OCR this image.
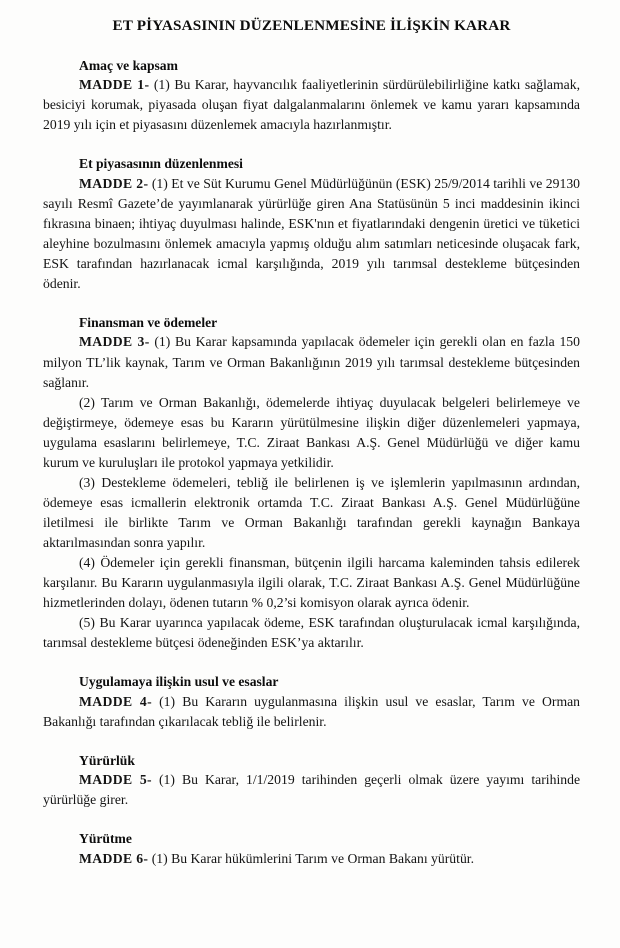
ET PİYASASININ DÜZENLENMESİNE İLİŞKİN KARAR
Amaç ve kapsam

MADDE 1- (1) Bu Karar, hayvancılık faaliyetlerinin sürdürülebilirliğine katkı sağlamak, besiciyi korumak, piyasada oluşan fiyat dalgalanmalarını önlemek ve kamu yararı kapsamında 2019 yılı için et piyasasını düzenlemek amacıyla hazırlanmıştır.

Et piyasasının düzenlenmesi

MADDE 2- (1) Et ve Süt Kurumu Genel Müdürlüğünün (ESK) 25/9/2014 tarihli ve 29130 sayılı Resmî Gazete’de yayımlanarak yürürlüğe giren Ana Statüsünün 5 inci maddesinin ikinci fıkrasına binaen; ihtiyaç duyulması halinde, ESK'nın et fiyatlarındaki dengenin üretici ve tüketici aleyhine bozulmasını önlemek amacıyla yapmış olduğu alım satımları neticesinde oluşacak fark, ESK tarafından hazırlanacak icmal karşılığında, 2019 yılı tarımsal destekleme bütçesinden ödenir.

Finansman ve ödemeler

MADDE 3- (1) Bu Karar kapsamında yapılacak ödemeler için gerekli olan en fazla 150 milyon TL’lik kaynak, Tarım ve Orman Bakanlığının 2019 yılı tarımsal destekleme bütçesinden sağlanır.

(2) Tarım ve Orman Bakanlığı, ödemelerde ihtiyaç duyulacak belgeleri belirlemeye ve değiştirmeye, ödemeye esas bu Kararın yürütülmesine ilişkin diğer düzenlemeleri yapmaya, uygulama esaslarını belirlemeye, T.C. Ziraat Bankası A.Ş. Genel Müdürlüğü ve diğer kamu kurum ve kuruluşları ile protokol yapmaya yetkilidir.

(3) Destekleme ödemeleri, tebliğ ile belirlenen iş ve işlemlerin yapılmasının ardından, ödemeye esas icmallerin elektronik ortamda T.C. Ziraat Bankası A.Ş. Genel Müdürlüğüne iletilmesi ile birlikte Tarım ve Orman Bakanlığı tarafından gerekli kaynağın Bankaya aktarılmasından sonra yapılır.

(4) Ödemeler için gerekli finansman, bütçenin ilgili harcama kaleminden tahsis edilerek karşılanır. Bu Kararın uygulanmasıyla ilgili olarak, T.C. Ziraat Bankası A.Ş. Genel Müdürlüğüne hizmetlerinden dolayı, ödenen tutarın % 0,2’si komisyon olarak ayrıca ödenir.

(5) Bu Karar uyarınca yapılacak ödeme, ESK tarafından oluşturulacak icmal karşılığında, tarımsal destekleme bütçesi ödeneğinden ESK’ya aktarılır.

Uygulamaya ilişkin usul ve esaslar

MADDE 4- (1) Bu Kararın uygulanmasına ilişkin usul ve esaslar, Tarım ve Orman Bakanlığı tarafından çıkarılacak tebliğ ile belirlenir.

Yürürlük

MADDE 5- (1) Bu Karar, 1/1/2019 tarihinden geçerli olmak üzere yayımı tarihinde yürürlüğe girer.

Yürütme

MADDE 6- (1) Bu Karar hükümlerini Tarım ve Orman Bakanı yürütür.
